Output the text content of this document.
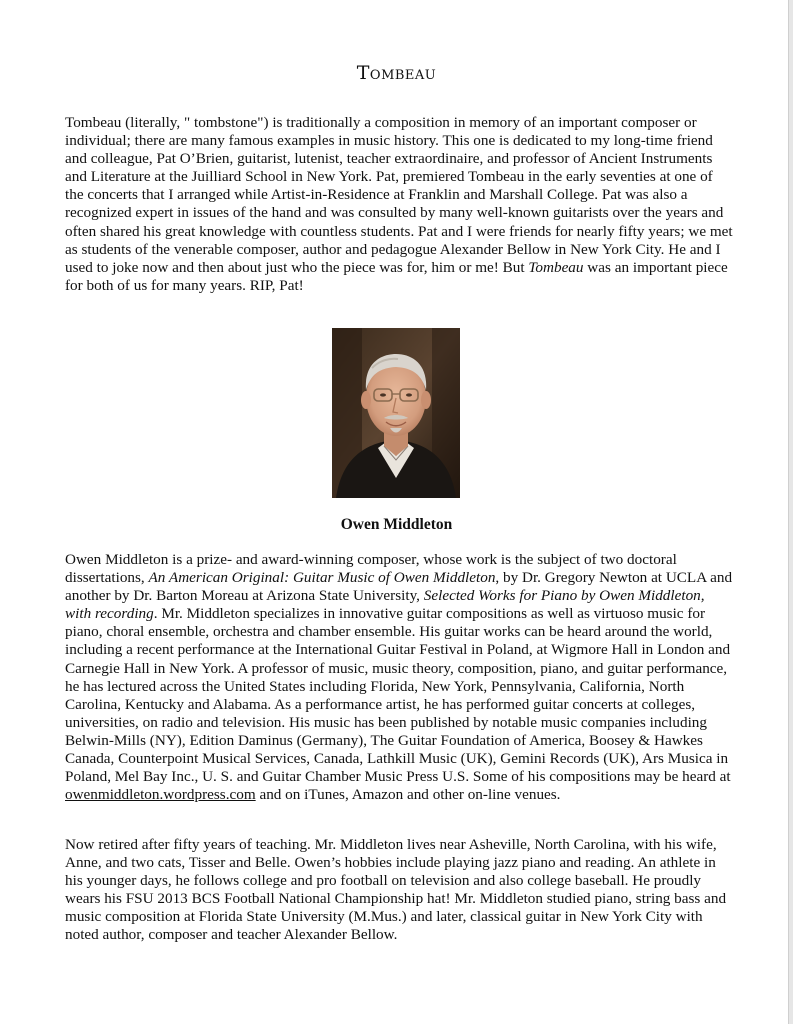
Tombeau

Tombeau (literally, " tombstone") is traditionally a composition in memory of an important composer or individual; there are many famous examples in music history. This one is dedicated to my long-time friend and colleague, Pat O’Brien, guitarist, lutenist, teacher extraordinaire, and professor of Ancient Instruments and Literature at the Juilliard School in New York. Pat, premiered Tombeau in the early seventies at one of the concerts that I arranged while Artist-in-Residence at Franklin and Marshall College. Pat was also a recognized expert in issues of the hand and was consulted by many well-known guitarists over the years and often shared his great knowledge with countless students. Pat and I were friends for nearly fifty years; we met as students of the venerable composer, author and pedagogue Alexander Bellow in New York City. He and I used to joke now and then about just who the piece was for, him or me! But Tombeau was an important piece for both of us for many years. RIP, Pat!

Owen Middleton

Owen Middleton is a prize- and award-winning composer, whose work is the subject of two doctoral dissertations, An American Original: Guitar Music of Owen Middleton, by Dr. Gregory Newton at UCLA and another by Dr. Barton Moreau at Arizona State University, Selected Works for Piano by Owen Middleton, with recording. Mr. Middleton specializes in innovative guitar compositions as well as virtuoso music for piano, choral ensemble, orchestra and chamber ensemble. His guitar works can be heard around the world, including a recent performance at the International Guitar Festival in Poland, at Wigmore Hall in London and Carnegie Hall in New York. A professor of music, music theory, composition, piano, and guitar performance, he has lectured across the United States including Florida, New York, Pennsylvania, California, North Carolina, Kentucky and Alabama. As a performance artist, he has performed guitar concerts at colleges, universities, on radio and television. His music has been published by notable music companies including Belwin-Mills (NY), Edition Daminus (Germany), The Guitar Foundation of America, Boosey & Hawkes Canada, Counterpoint Musical Services, Canada, Lathkill Music (UK), Gemini Records (UK), Ars Musica in Poland, Mel Bay Inc., U. S. and Guitar Chamber Music Press U.S. Some of his compositions may be heard at owenmiddleton.wordpress.com and on iTunes, Amazon and other on-line venues.

Now retired after fifty years of teaching. Mr. Middleton lives near Asheville, North Carolina, with his wife, Anne, and two cats, Tisser and Belle. Owen’s hobbies include playing jazz piano and reading. An athlete in his younger days, he follows college and pro football on television and also college baseball. He proudly wears his FSU 2013 BCS Football National Championship hat! Mr. Middleton studied piano, string bass and music composition at Florida State University (M.Mus.) and later, classical guitar in New York City with noted author, composer and teacher Alexander Bellow.
